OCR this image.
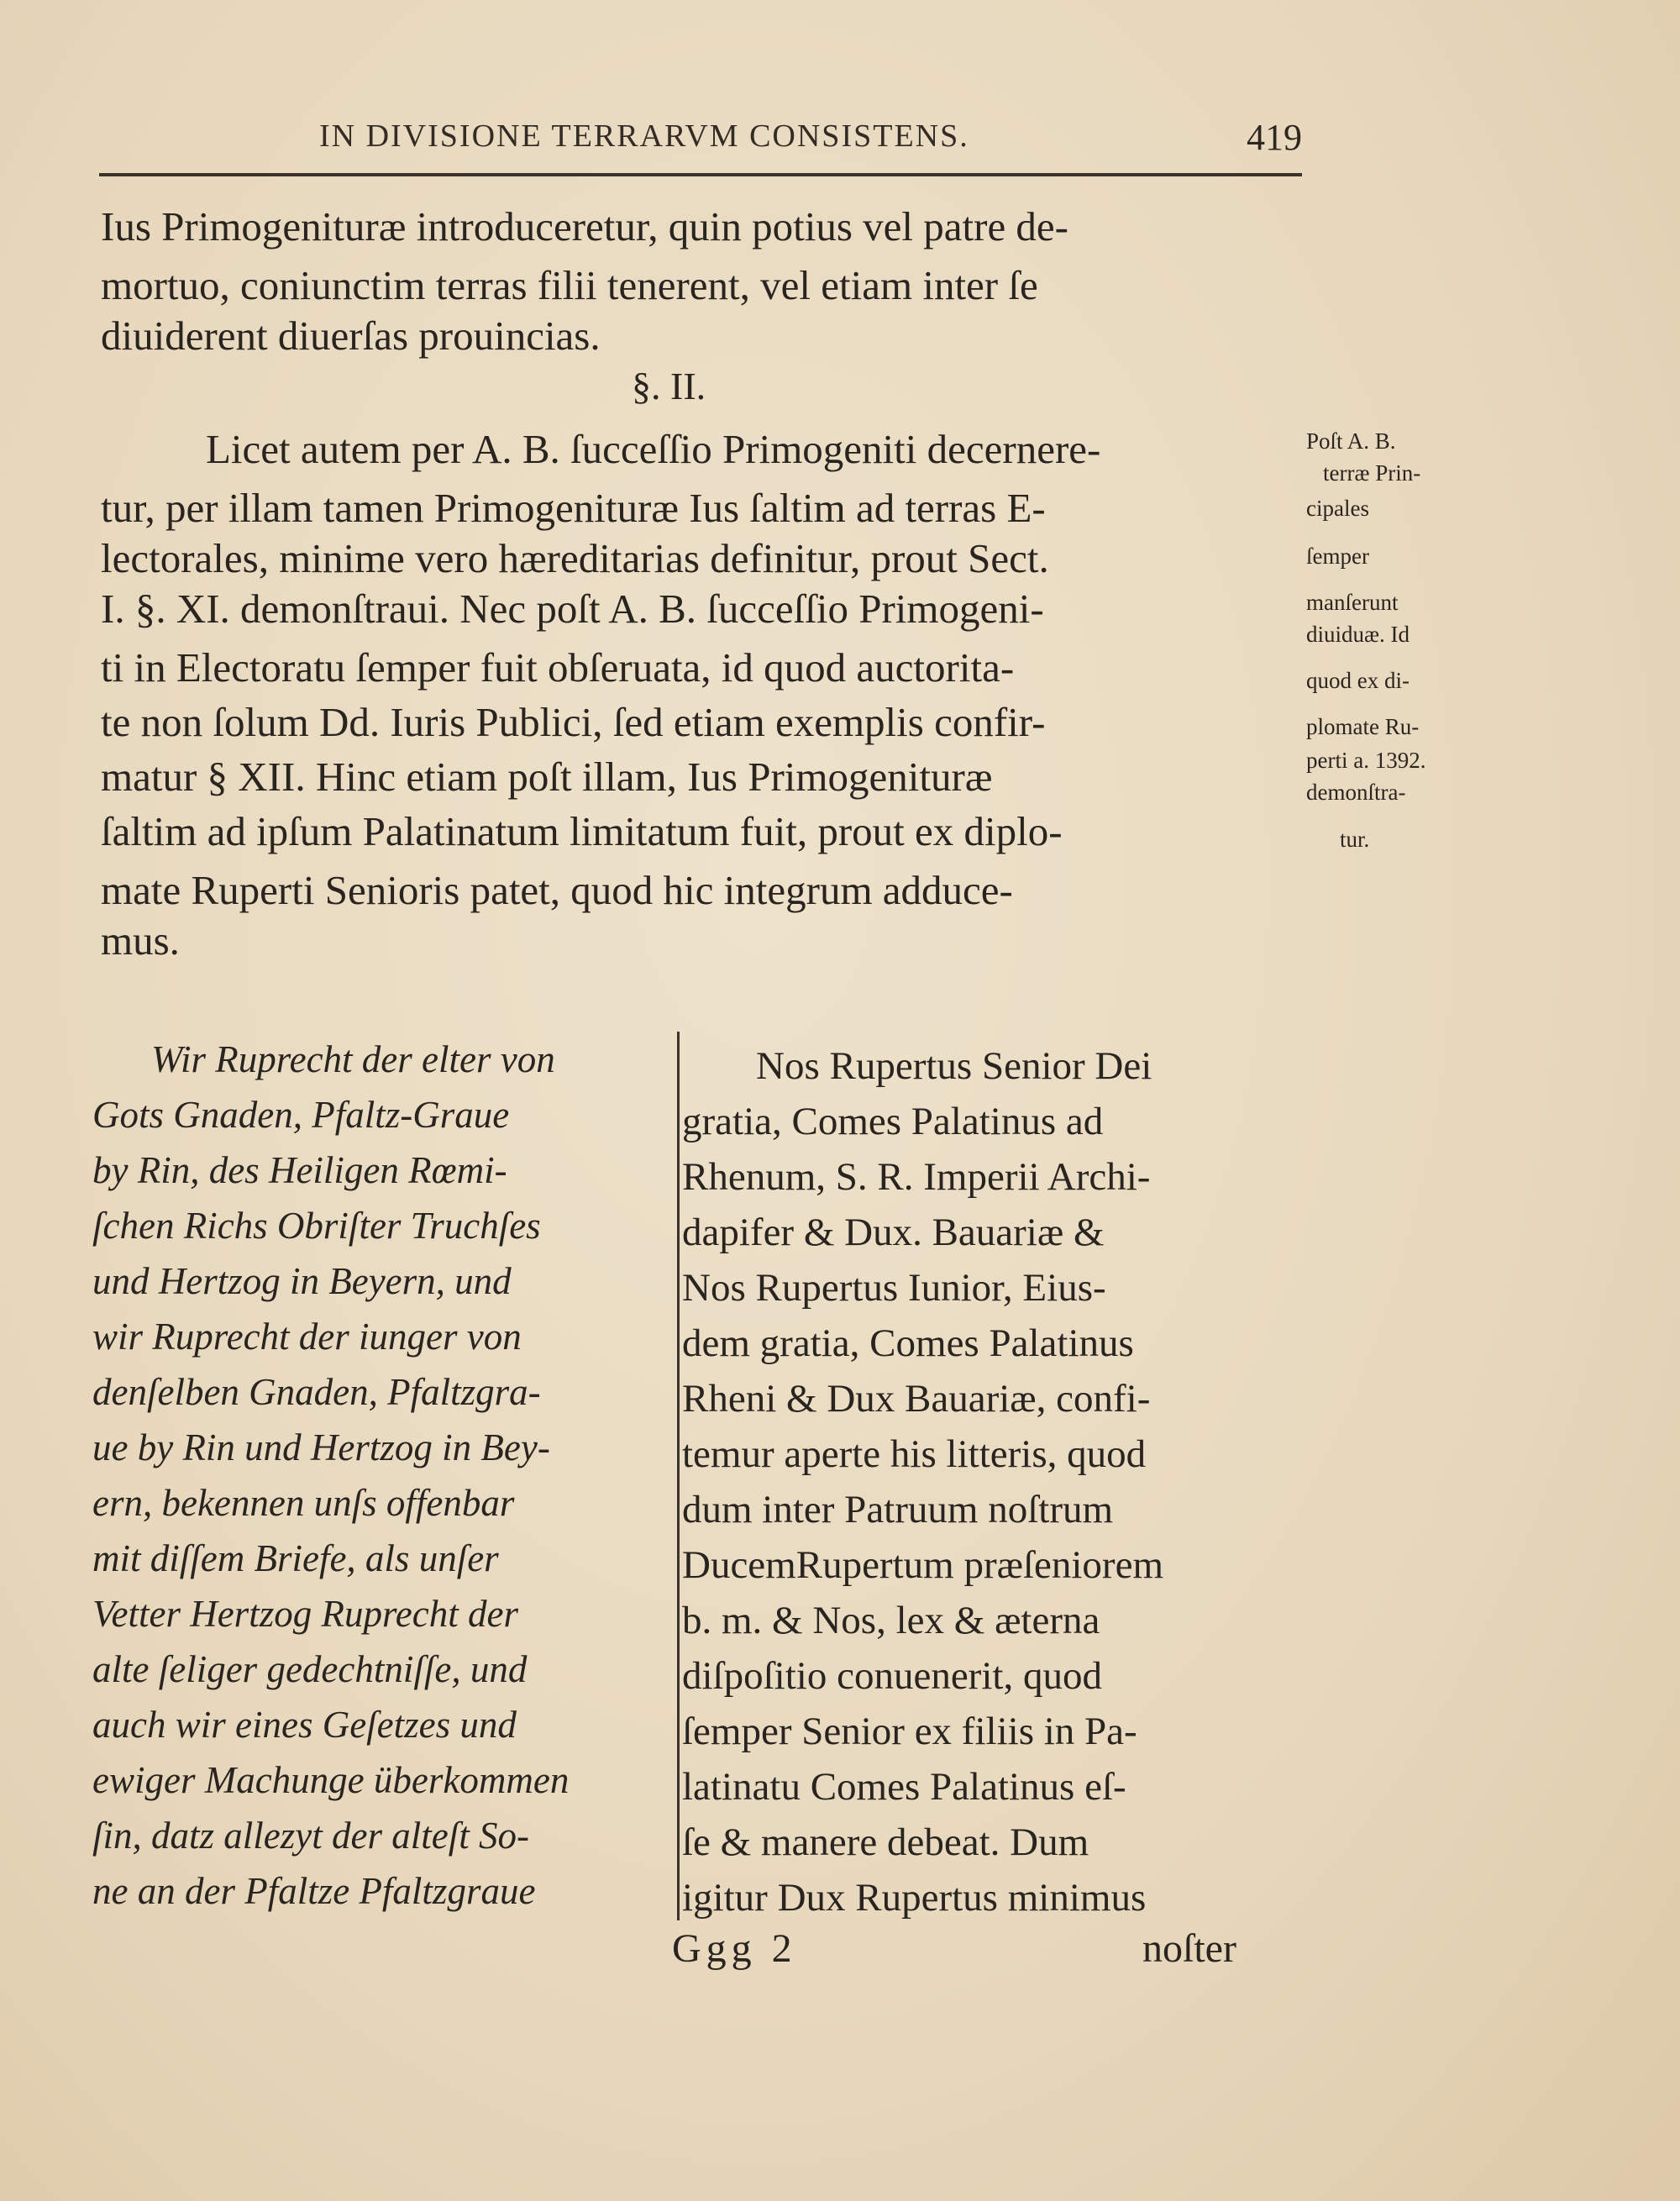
IN DIVISIONE TERRARVM CONSISTENS.	419
Ius Primogenituræ introduceretur, quin potius vel patre de-
mortuo, coniunctim terras filii tenerent, vel etiam inter ſe
diuiderent diuerſas prouincias.
§. II.
Licet autem per A. B. ſucceſſio Primogeniti decernere-
tur, per illam tamen Primogenituræ Ius ſaltim ad terras E-
lectorales, minime vero hæreditarias definitur, prout Sect.
I. §. XI. demonſtraui. Nec poſt A. B. ſucceſſio Primogeni-
ti in Electoratu ſemper fuit obſeruata, id quod auctorita-
te non ſolum Dd. Iuris Publici, ſed etiam exemplis confir-
matur § XII. Hinc etiam poſt illam, Ius Primogenituræ
ſaltim ad ipſum Palatinatum limitatum fuit, prout ex diplo-
mate Ruperti Senioris patet, quod hic integrum adduce-
mus.
Poſt A. B.
terræ Prin-
cipales
ſemper
manſerunt
diuiduæ. Id
quod ex di-
plomate Ru-
perti a. 1392.
demonſtra-
tur.
Wir Ruprecht der elter von
Gots Gnaden, Pfaltz-Graue
by Rin, des Heiligen Rœmi-
ſchen Richs Obriſter Truchſes
und Hertzog in Beyern, und
wir Ruprecht der iunger von
denſelben Gnaden, Pfaltzgra-
ue by Rin und Hertzog in Bey-
ern, bekennen unſs offenbar
mit diſſem Briefe, als unſer
Vetter Hertzog Ruprecht der
alte ſeliger gedechtniſſe, und
auch wir eines Geſetzes und
ewiger Machunge überkommen
ſin, datz allezyt der alteſt So-
ne an der Pfaltze Pfaltzgraue
Nos Rupertus Senior Dei
gratia, Comes Palatinus ad
Rhenum, S. R. Imperii Archi-
dapifer & Dux. Bauariæ &
Nos Rupertus Iunior, Eius-
dem gratia, Comes Palatinus
Rheni & Dux Bauariæ, confi-
temur aperte his litteris, quod
dum inter Patruum noſtrum
DucemRupertum præſeniorem
b. m. & Nos, lex & æterna
diſpoſitio conuenerit, quod
ſemper Senior ex filiis in Pa-
latinatu Comes Palatinus eſ-
ſe & manere debeat. Dum
igitur Dux Rupertus minimus
Ggg 2	noſter
